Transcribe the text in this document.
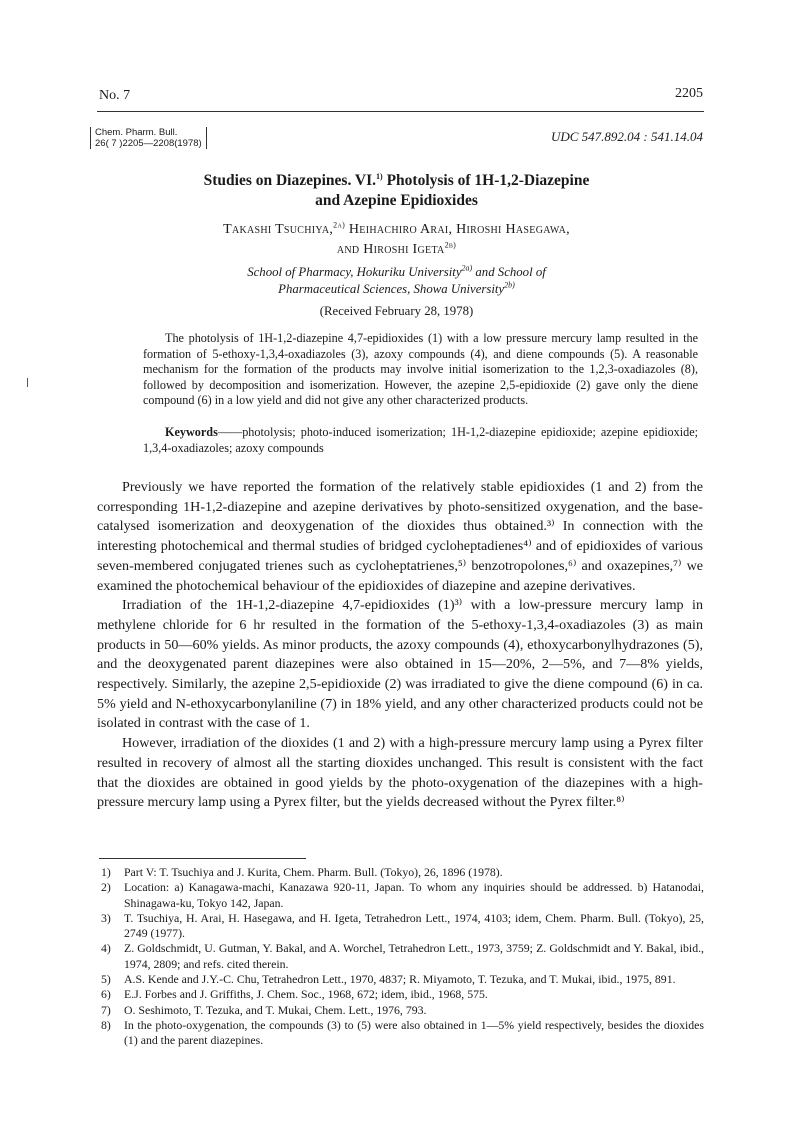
No. 7	2205
Chem. Pharm. Bull.
26( 7 )2205—2208(1978)	UDC 547.892.04 : 541.14.04
Studies on Diazepines. VI.$^{1)}$ Photolysis of 1H-1,2-Diazepine
and Azepine Epidioxides
Takashi Tsuchiya,$^{2a)}$ Heihachiro Arai, Hiroshi Hasegawa,
and Hiroshi Igeta$^{2b)}$
School of Pharmacy, Hokuriku University$^{2a)}$ and School of
Pharmaceutical Sciences, Showa University$^{2b)}$
(Received February 28, 1978)

The photolysis of 1H-1,2-diazepine 4,7-epidioxides (1) with a low pressure mercury lamp resulted in the formation of 5-ethoxy-1,3,4-oxadiazoles (3), azoxy compounds (4), and diene compounds (5). A reasonable mechanism for the formation of the products may involve initial isomerization to the 1,2,3-oxadiazoles (8), followed by decomposition and isomerization. However, the azepine 2,5-epidioxide (2) gave only the diene compound (6) in a low yield and did not give any other characterized products.

Keywords——photolysis; photo-induced isomerization; 1H-1,2-diazepine epidioxide; azepine epidioxide; 1,3,4-oxadiazoles; azoxy compounds

Previously we have reported the formation of the relatively stable epidioxides (1 and 2) from the corresponding 1H-1,2-diazepine and azepine derivatives by photo-sensitized oxygenation, and the base-catalysed isomerization and deoxygenation of the dioxides thus obtained.³⁾ In connection with the interesting photochemical and thermal studies of bridged cycloheptadienes⁴⁾ and of epidioxides of various seven-membered conjugated trienes such as cycloheptatrienes,⁵⁾ benzotropolones,⁶⁾ and oxazepines,⁷⁾ we examined the photochemical behaviour of the epidioxides of diazepine and azepine derivatives.

Irradiation of the 1H-1,2-diazepine 4,7-epidioxides (1)³⁾ with a low-pressure mercury lamp in methylene chloride for 6 hr resulted in the formation of the 5-ethoxy-1,3,4-oxadiazoles (3) as main products in 50—60% yields. As minor products, the azoxy compounds (4), ethoxycarbonylhydrazones (5), and the deoxygenated parent diazepines were also obtained in 15—20%, 2—5%, and 7—8% yields, respectively. Similarly, the azepine 2,5-epidioxide (2) was irradiated to give the diene compound (6) in ca. 5% yield and N-ethoxycarbonylaniline (7) in 18% yield, and any other characterized products could not be isolated in contrast with the case of 1.

However, irradiation of the dioxides (1 and 2) with a high-pressure mercury lamp using a Pyrex filter resulted in recovery of almost all the starting dioxides unchanged. This result is consistent with the fact that the dioxides are obtained in good yields by the photo-oxygenation of the diazepines with a high-pressure mercury lamp using a Pyrex filter, but the yields decreased without the Pyrex filter.⁸⁾

1)	Part V: T. Tsuchiya and J. Kurita, Chem. Pharm. Bull. (Tokyo), 26, 1896 (1978).
2)	Location: a) Kanagawa-machi, Kanazawa 920-11, Japan. To whom any inquiries should be addressed. b) Hatanodai, Shinagawa-ku, Tokyo 142, Japan.
3)	T. Tsuchiya, H. Arai, H. Hasegawa, and H. Igeta, Tetrahedron Lett., 1974, 4103; idem, Chem. Pharm. Bull. (Tokyo), 25, 2749 (1977).
4)	Z. Goldschmidt, U. Gutman, Y. Bakal, and A. Worchel, Tetrahedron Lett., 1973, 3759; Z. Goldschmidt and Y. Bakal, ibid., 1974, 2809; and refs. cited therein.
5)	A.S. Kende and J.Y.-C. Chu, Tetrahedron Lett., 1970, 4837; R. Miyamoto, T. Tezuka, and T. Mukai, ibid., 1975, 891.
6)	E.J. Forbes and J. Griffiths, J. Chem. Soc., 1968, 672; idem, ibid., 1968, 575.
7)	O. Seshimoto, T. Tezuka, and T. Mukai, Chem. Lett., 1976, 793.
8)	In the photo-oxygenation, the compounds (3) to (5) were also obtained in 1—5% yield respectively, besides the dioxides (1) and the parent diazepines.
